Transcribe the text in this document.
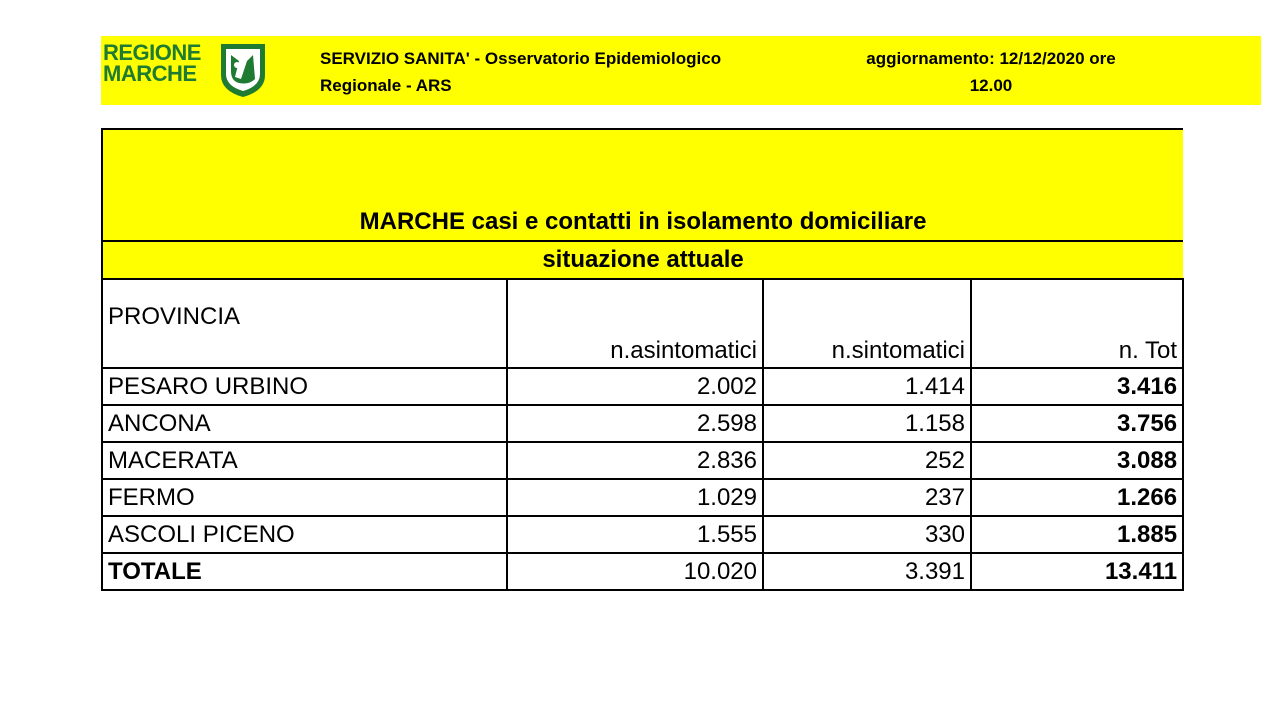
REGIONE
MARCHE
SERVIZIO SANITA' - Osservatorio Epidemiologico
Regionale - ARS
aggiornamento: 12/12/2020 ore
12.00
MARCHE casi e contatti in isolamento domiciliare			
situazione attuale			
PROVINCIA	n.asintomatici	n.sintomatici	n. Tot
PESARO URBINO	2.002	1.414	3.416
ANCONA	2.598	1.158	3.756
MACERATA	2.836	252	3.088
FERMO	1.029	237	1.266
ASCOLI PICENO	1.555	330	1.885
TOTALE	10.020	3.391	13.411
